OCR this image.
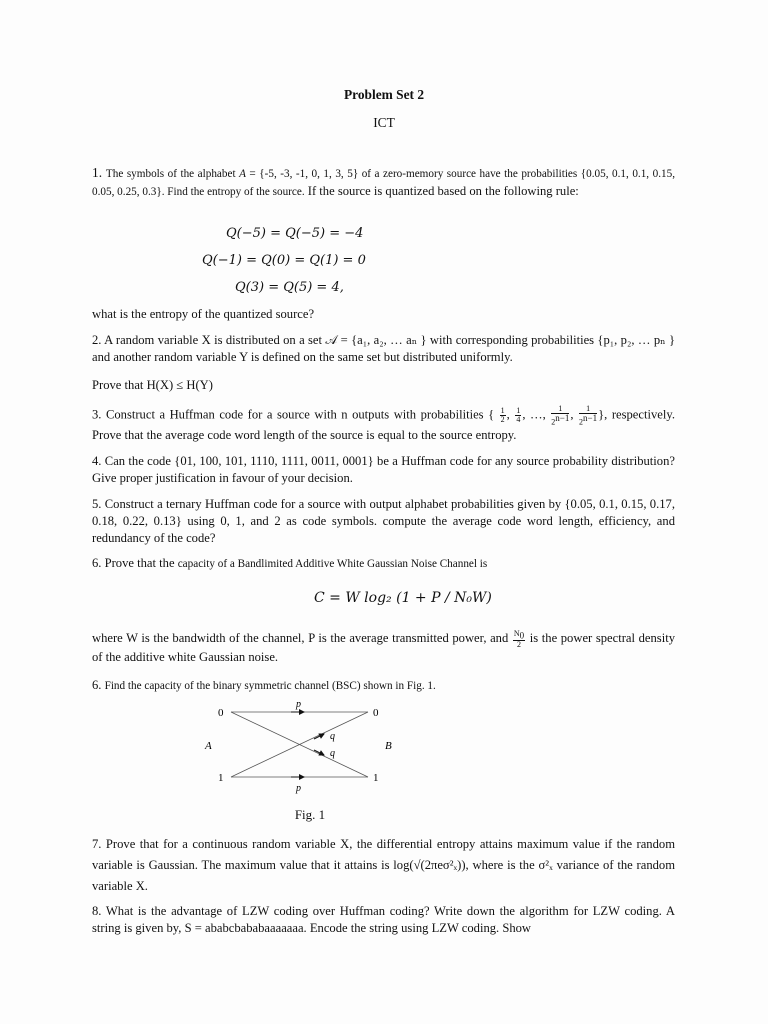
Problem Set 2
ICT
1. The symbols of the alphabet A = {-5, -3, -1, 0, 1, 3, 5} of a zero-memory source have the probabilities {0.05, 0.1, 0.1, 0.15, 0.05, 0.25, 0.3}. Find the entropy of the source. If the source is quantized based on the following rule:
Q(−5) = Q(−5) = −4
Q(−1) = Q(0) = Q(1) = 0
Q(3) = Q(5) = 4,
what is the entropy of the quantized source?
2. A random variable X is distributed on a set 𝒜 = {a₁, a₂, … aₙ } with corresponding probabilities {p₁, p₂, … pₙ } and another random variable Y is defined on the same set but distributed uniformly.
Prove that H(X) ≤ H(Y)
3. Construct a Huffman code for a source with n outputs with probabilities { $\frac{1}{2}$ , $\frac{1}{4}$ , …, $\frac{1}{2^{n-1}}$ , $\frac{1}{2^{n-1}}$ }, respectively. Prove that the average code word length of the source is equal to the source entropy.
4. Can the code {01, 100, 101, 1110, 1111, 0011, 0001} be a Huffman code for any source probability distribution? Give proper justification in favour of your decision.
5. Construct a ternary Huffman code for a source with output alphabet probabilities given by {0.05, 0.1, 0.15, 0.17, 0.18, 0.22, 0.13} using 0, 1, and 2 as code symbols. compute the average code word length, efficiency, and redundancy of the code?
6. Prove that the capacity of a Bandlimited Additive White Gaussian Noise Channel is
C = W log₂ (1 + P / N₀W)
where W is the bandwidth of the channel, P is the average transmitted power, and $\frac{N_0}{2}$ is the power spectral density of the additive white Gaussian noise.
6. Find the capacity of the binary symmetric channel (BSC) shown in Fig. 1.
0
1
0
1
A	B
p
p
q
q
Fig. 1
7. Prove that for a continuous random variable X, the differential entropy attains maximum value if the random variable is Gaussian. The maximum value that it attains is log(√(2πeσ²ₓ)), where is the σ²ₓ variance of the random variable X.
8. What is the advantage of LZW coding over Huffman coding? Write down the algorithm for LZW coding. A string is given by, S = ababcbababaaaaaaa. Encode the string using LZW coding. Show
